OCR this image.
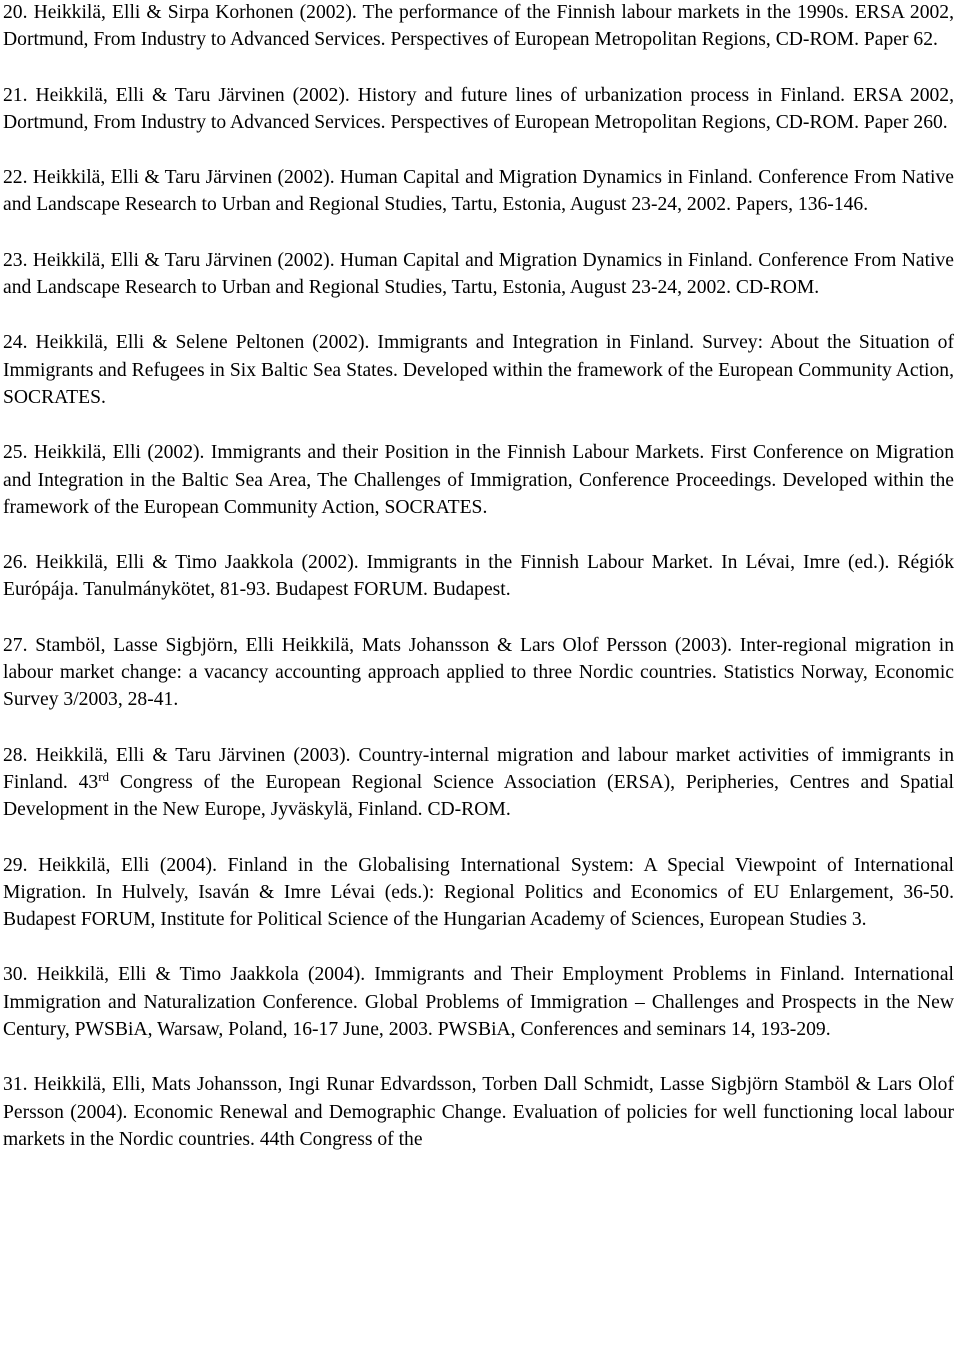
20. Heikkilä, Elli & Sirpa Korhonen (2002). The performance of the Finnish labour markets in the 1990s. ERSA 2002, Dortmund, From Industry to Advanced Services. Perspectives of European Metropolitan Regions, CD-ROM. Paper 62.

21. Heikkilä, Elli & Taru Järvinen (2002). History and future lines of urbanization process in Finland. ERSA 2002, Dortmund, From Industry to Advanced Services. Perspectives of European Metropolitan Regions, CD-ROM. Paper 260.

22. Heikkilä, Elli & Taru Järvinen (2002). Human Capital and Migration Dynamics in Finland. Conference From Native and Landscape Research to Urban and Regional Studies, Tartu, Estonia, August 23-24, 2002. Papers, 136-146.

23. Heikkilä, Elli & Taru Järvinen (2002). Human Capital and Migration Dynamics in Finland. Conference From Native and Landscape Research to Urban and Regional Studies, Tartu, Estonia, August 23-24, 2002. CD-ROM.

24. Heikkilä, Elli & Selene Peltonen (2002). Immigrants and Integration in Finland. Survey: About the Situation of Immigrants and Refugees in Six Baltic Sea States. Developed within the framework of the European Community Action, SOCRATES.

25. Heikkilä, Elli (2002). Immigrants and their Position in the Finnish Labour Markets. First Conference on Migration and Integration in the Baltic Sea Area, The Challenges of Immigration, Conference Proceedings. Developed within the framework of the European Community Action, SOCRATES.

26. Heikkilä, Elli & Timo Jaakkola (2002). Immigrants in the Finnish Labour Market. In Lévai, Imre (ed.). Régiók Európája. Tanulmánykötet, 81-93. Budapest FORUM. Budapest.

27. Stamböl, Lasse Sigbjörn, Elli Heikkilä, Mats Johansson & Lars Olof Persson (2003). Inter-regional migration in labour market change: a vacancy accounting approach applied to three Nordic countries. Statistics Norway, Economic Survey 3/2003, 28-41.

28. Heikkilä, Elli & Taru Järvinen (2003). Country-internal migration and labour market activities of immigrants in Finland. 43rd Congress of the European Regional Science Association (ERSA), Peripheries, Centres and Spatial Development in the New Europe, Jyväskylä, Finland. CD-ROM.

29. Heikkilä, Elli (2004). Finland in the Globalising International System: A Special Viewpoint of International Migration. In Hulvely, Isaván & Imre Lévai (eds.): Regional Politics and Economics of EU Enlargement, 36-50. Budapest FORUM, Institute for Political Science of the Hungarian Academy of Sciences, European Studies 3.

30. Heikkilä, Elli & Timo Jaakkola (2004). Immigrants and Their Employment Problems in Finland. International Immigration and Naturalization Conference. Global Problems of Immigration – Challenges and Prospects in the New Century, PWSBiA, Warsaw, Poland, 16-17 June, 2003. PWSBiA, Conferences and seminars 14, 193-209.

31. Heikkilä, Elli, Mats Johansson, Ingi Runar Edvardsson, Torben Dall Schmidt, Lasse Sigbjörn Stamböl & Lars Olof Persson (2004). Economic Renewal and Demographic Change. Evaluation of policies for well functioning local labour markets in the Nordic countries. 44th Congress of the
